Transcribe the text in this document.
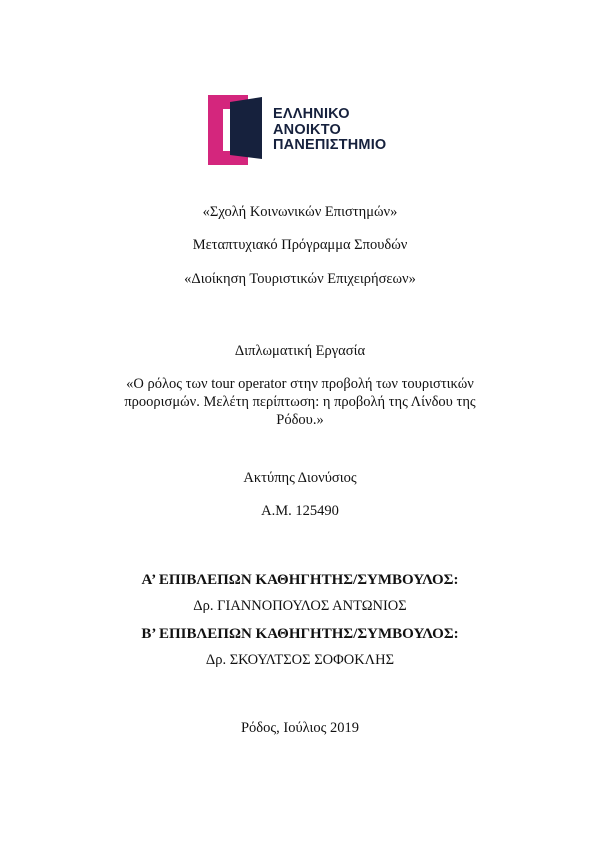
ΕΛΛΗΝΙΚΟ
ΑΝΟΙΚΤΟ
ΠΑΝΕΠΙΣΤΗΜΙΟ
«Σχολή Κοινωνικών Επιστημών»
Μεταπτυχιακό Πρόγραμμα Σπουδών
«Διοίκηση Τουριστικών Επιχειρήσεων»
Διπλωματική Εργασία
«Ο ρόλος των tour operator στην προβολή των τουριστικών
προορισμών. Μελέτη περίπτωση: η προβολή της Λίνδου της
Ρόδου.»
Ακτύπης Διονύσιος
Α.Μ. 125490
Α’ ΕΠΙΒΛΕΠΩΝ ΚΑΘΗΓΗΤΗΣ/ΣΥΜΒΟΥΛΟΣ:
Δρ. ΓΙΑΝΝΟΠΟΥΛΟΣ ΑΝΤΩΝΙΟΣ
Β’ ΕΠΙΒΛΕΠΩΝ ΚΑΘΗΓΗΤΗΣ/ΣΥΜΒΟΥΛΟΣ:
Δρ. ΣΚΟΥΛΤΣΟΣ ΣΟΦΟΚΛΗΣ
Ρόδος, Ιούλιος 2019
